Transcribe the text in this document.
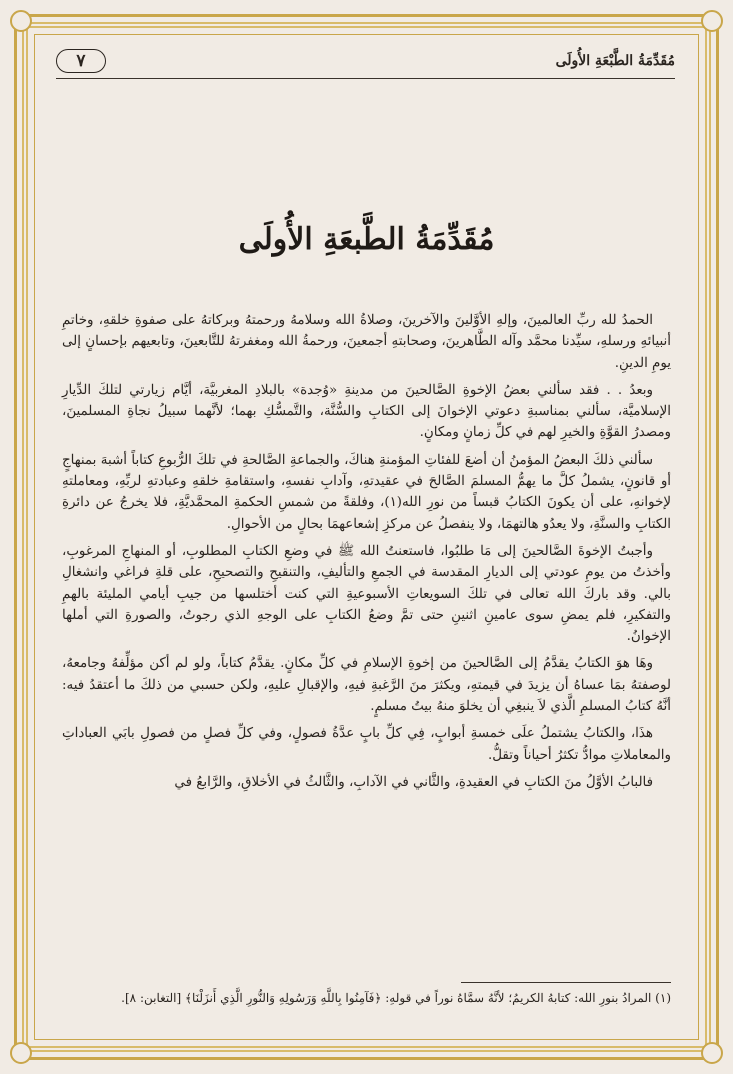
٧	مُقَدِّمَةُ الطَّبْعَةِ الأُولَى
مُقَدِّمَةُ الطَّبعَةِ الأُولَى

الحمدُ لله ربِّ العالمينَ، وإلهِ الأوَّلينَ والآخرينَ، وصلاةُ الله وسلامهُ ورحمتهُ وبركاتهُ على صفوةِ خلقهِ، وخاتمِ أنبيائهِ ورسلهِ، سيِّدنا محمَّد وآله الطَّاهرينَ، وصحابتهِ أجمعينَ، ورحمةُ الله ومغفرتهُ للتَّابعينَ، وتابعيهم بإحسانٍ إلى يومِ الدينِ.

وبعدُ . . فقد سألني بعضُ الإخوةِ الصَّالحينَ من مدينةِ «وُجدة» بالبلادِ المغربيَّة، أيَّام زيارتي لتلكَ الدِّيارِ الإسلاميَّة، سألني بمناسبةِ دعوتي الإخوانَ إلى الكتابِ والسُّنَّة، والتَّمسُّكِ بهما؛ لأنَّهما سبيلُ نجاةِ المسلمينَ، ومصدرُ القوَّةِ والخيرِ لهم في كلِّ زمانٍ ومكانٍ.

سألني ذلكَ البعضُ المؤمنُ أن أضعَ للفئاتِ المؤمنةِ هناكَ، والجماعةِ الصَّالحةِ في تلكَ الرُّبوعِ كتاباً أشبهَ بمنهاجٍ أو قانونٍ، يشملُ كلَّ ما يهمُّ المسلمَ الصَّالحَ في عقيدتهِ، وآدابِ نفسهِ، واستقامةِ خلقهِ وعبادتهِ لربِّهِ، ومعاملتهِ لإخوانهِ، على أن يكونَ الكتابُ قبساً من نورِ الله(١)، وفلقةً من شمسِ الحكمةِ المحمَّديَّةِ، فلا يخرجُ عن دائرةِ الكتابِ والسنَّةِ، ولا يعدُو هالتهمَا، ولا ينفصلُ عن مركزِ إشعاعهمَا بحالٍ من الأحوالِ.

وأجبتُ الإخوةَ الصَّالحينَ إلى مَا طلبُوا، فاستعنتُ الله ﷺ في وضعِ الكتابِ المطلوبِ، أو المنهاجِ المرغوبِ، وأخذتُ من يومِ عودتي إلى الديارِ المقدسة في الجمعِ والتأليفِ، والتنقيحِ والتصحيحِ، على قلةِ فراغي وانشغالِ بالي. وقد باركَ الله تعالى في تلكَ السويعاتِ الأسبوعيةِ التي كنت أختلسها من جيبِ أيامي المليئة بالهمِ والتفكيرِ، فلم يمضِ سوى عامينِ اثنينِ حتى تمَّ وضعُ الكتابِ على الوجهِ الذي رجوتُ، والصورةِ التي أملها الإخوانُ.

وهَا هوَ الكتابُ يقدَّمُ إلى الصَّالحينَ من إخوةِ الإسلامِ في كلِّ مكانٍ. يقدَّمُ كتاباً، ولو لم أكن مؤلِّفهُ وجامعهُ، لوصفتهُ بمَا عساهُ أن يزيدَ في قيمتهِ، ويكثرَ منَ الرَّغبةِ فيهِ، والإقبالِ عليهِ، ولكن حسبي من ذلكَ ما أعتقدُ فيه: أنَّهُ كتابُ المسلمِ الَّذي لاَ ينبغِي أن يخلوَ منهُ بيتُ مسلمٍ.

هذَا، والكتابُ يشتملُ علَى خمسةِ أبوابٍ، فِي كلِّ بابٍ عدَّةُ فصولٍ، وفي كلِّ فصلٍ من فصولِ بابَي العباداتِ والمعاملاتِ موادُّ تكثرُ أحياناً وتقلُّ.

فالبابُ الأوَّلُ منَ الكتابِ في العقيدةِ، والثَّاني في الآدابِ، والثَّالثُ في الأخلاقِ، والرَّابعُ في

(١) المرادُ بنورِ الله: كتابهُ الكريمُ؛ لأنَّهُ سمَّاهُ نوراً في قولهِ: ﴿فَآمِنُوا بِاللَّهِ وَرَسُولِهِ وَالنُّورِ الَّذِي أَنزَلْنَا﴾ [التغابن: ٨].
